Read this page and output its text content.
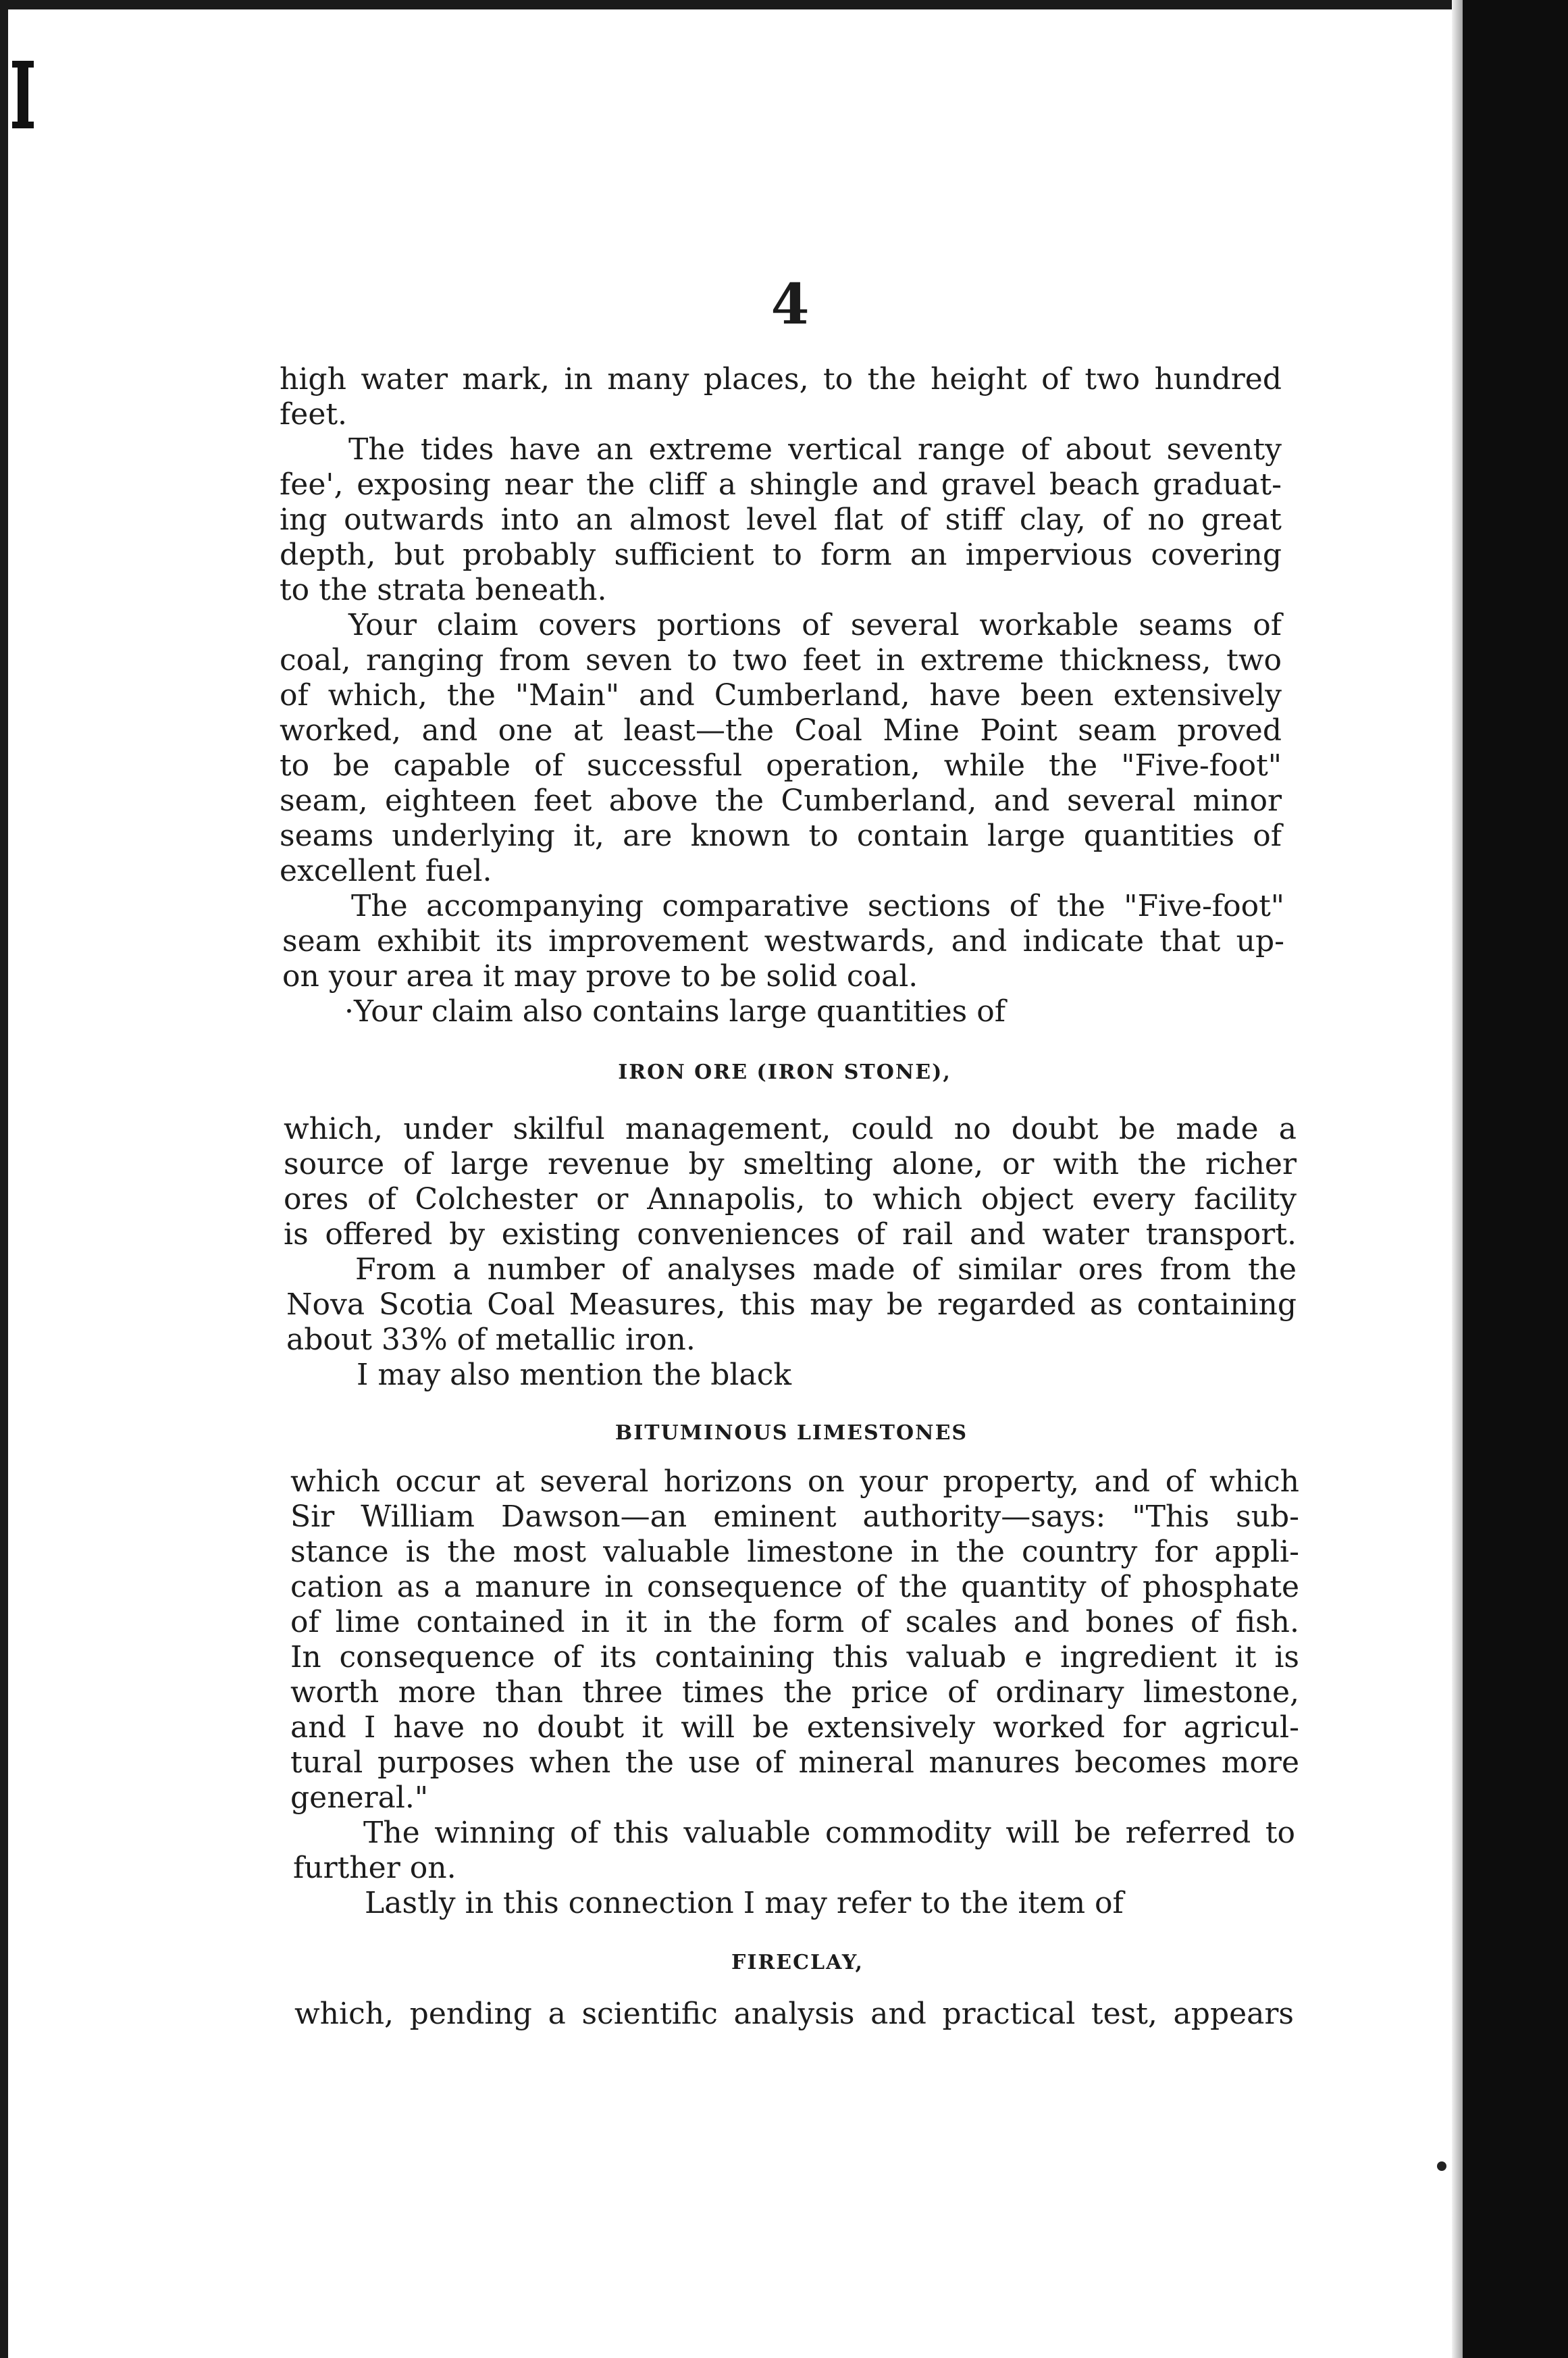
4
high water mark, in many places, to the height of two hundred
feet.
The tides have an extreme vertical range of about seventy
fee', exposing near the cliff a shingle and gravel beach graduat-
ing outwards into an almost level flat of stiff clay, of no great
depth, but probably sufficient to form an impervious covering
to the strata beneath.
Your claim covers portions of several workable seams of
coal, ranging from seven to two feet in extreme thickness, two
of which, the "Main" and Cumberland, have been extensively
worked, and one at least—the Coal Mine Point seam proved
to be capable of successful operation, while the "Five-foot"
seam, eighteen feet above the Cumberland, and several minor
seams underlying it, are known to contain large quantities of
excellent fuel.
The accompanying comparative sections of the "Five-foot"
seam exhibit its improvement westwards, and indicate that up-
on your area it may prove to be solid coal.
·Your claim also contains large quantities of
IRON ORE (IRON STONE),
which, under skilful management, could no doubt be made a
source of large revenue by smelting alone, or with the richer
ores of Colchester or Annapolis, to which object every facility
is offered by existing conveniences of rail and water transport.
From a number of analyses made of similar ores from the
Nova Scotia Coal Measures, this may be regarded as containing
about 33% of metallic iron.
I may also mention the black
BITUMINOUS LIMESTONES
which occur at several horizons on your property, and of which
Sir William Dawson—an eminent authority—says: "This sub-
stance is the most valuable limestone in the country for appli-
cation as a manure in consequence of the quantity of phosphate
of lime contained in it in the form of scales and bones of fish.
In consequence of its containing this valuab e ingredient it is
worth more than three times the price of ordinary limestone,
and I have no doubt it will be extensively worked for agricul-
tural purposes when the use of mineral manures becomes more
general."
The winning of this valuable commodity will be referred to
further on.
Lastly in this connection I may refer to the item of
FIRECLAY,
which, pending a scientific analysis and practical test, appears
